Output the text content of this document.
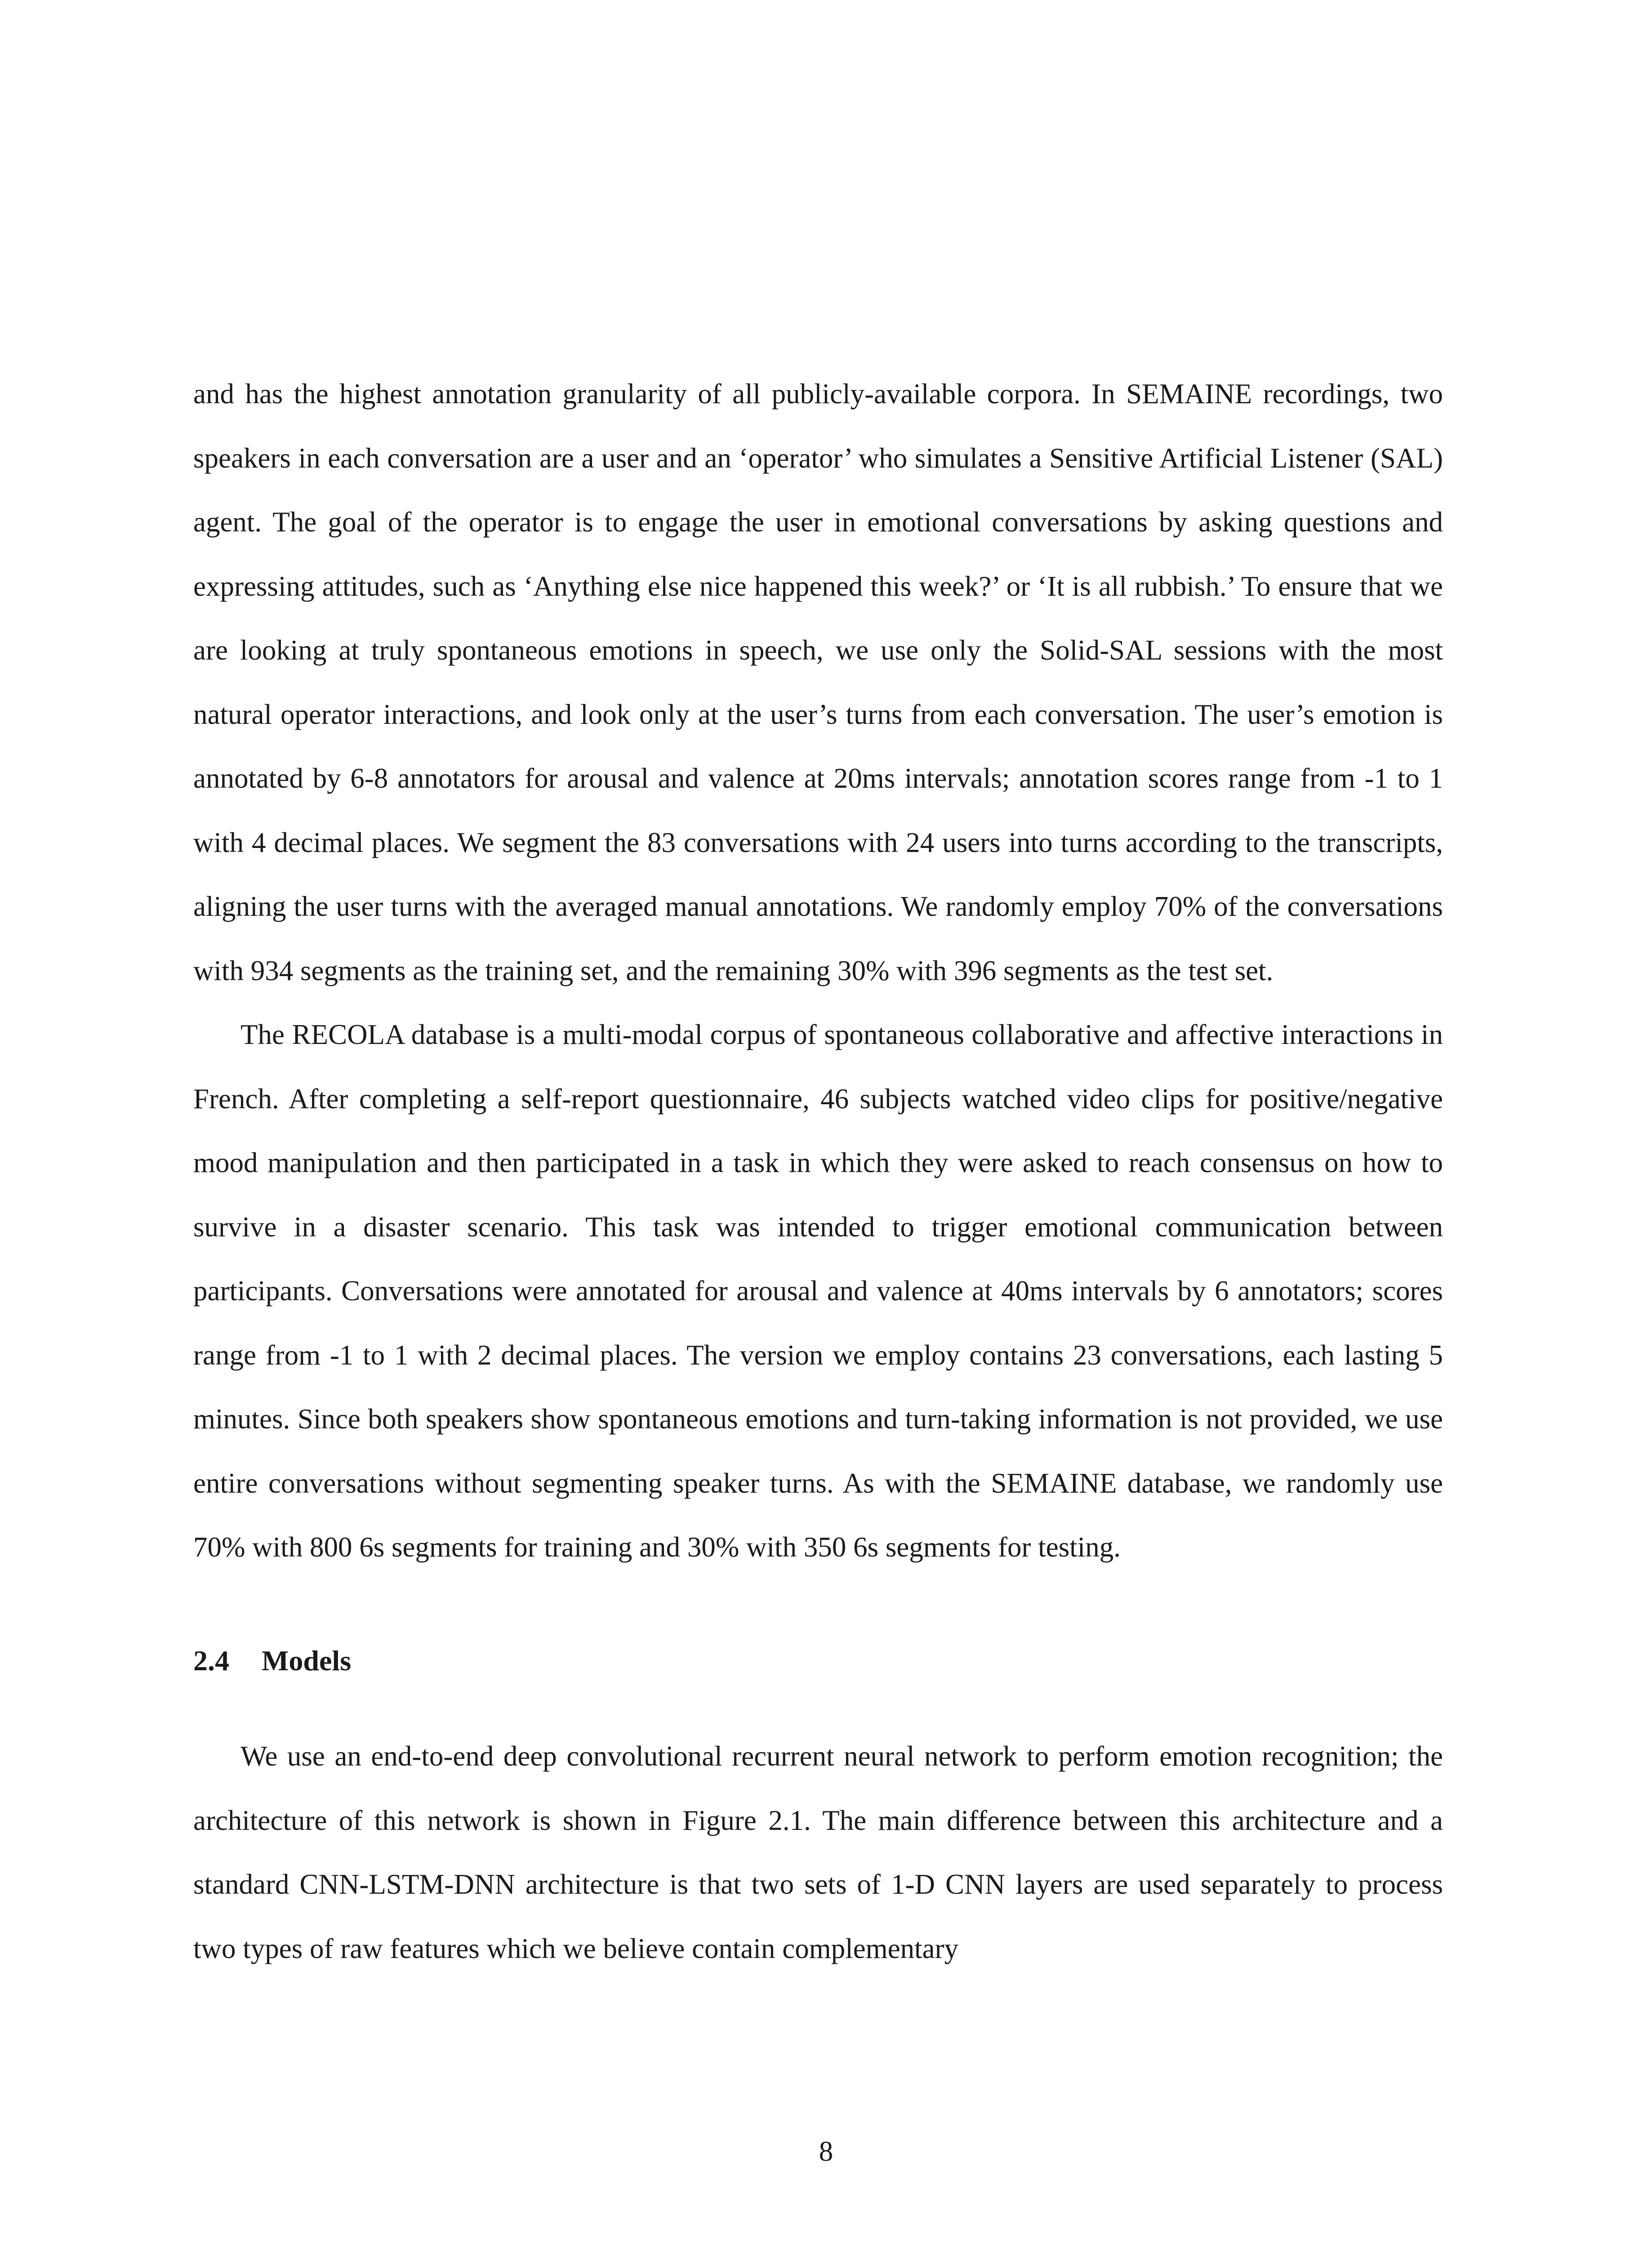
and has the highest annotation granularity of all publicly-available corpora. In SEMAINE recordings, two speakers in each conversation are a user and an ‘operator’ who simulates a Sensitive Artificial Listener (SAL) agent. The goal of the operator is to engage the user in emotional conversations by asking questions and expressing attitudes, such as ‘Anything else nice happened this week?’ or ‘It is all rubbish.’ To ensure that we are looking at truly spontaneous emotions in speech, we use only the Solid-SAL sessions with the most natural operator interactions, and look only at the user’s turns from each conversation. The user’s emotion is annotated by 6-8 annotators for arousal and valence at 20ms intervals; annotation scores range from -1 to 1 with 4 decimal places. We segment the 83 conversations with 24 users into turns according to the transcripts, aligning the user turns with the averaged manual annotations. We randomly employ 70% of the conversations with 934 segments as the training set, and the remaining 30% with 396 segments as the test set.

The RECOLA database is a multi-modal corpus of spontaneous collaborative and affective interactions in French. After completing a self-report questionnaire, 46 subjects watched video clips for positive/negative mood manipulation and then participated in a task in which they were asked to reach consensus on how to survive in a disaster scenario. This task was intended to trigger emotional communication between participants. Conversations were annotated for arousal and valence at 40ms intervals by 6 annotators; scores range from -1 to 1 with 2 decimal places. The version we employ contains 23 conversations, each lasting 5 minutes. Since both speakers show spontaneous emotions and turn-taking information is not provided, we use entire conversations without segmenting speaker turns. As with the SEMAINE database, we randomly use 70% with 800 6s segments for training and 30% with 350 6s segments for testing.

2.4 Models

We use an end-to-end deep convolutional recurrent neural network to perform emotion recognition; the architecture of this network is shown in Figure 2.1. The main difference between this architecture and a standard CNN-LSTM-DNN architecture is that two sets of 1-D CNN layers are used separately to process two types of raw features which we believe contain complementary

8
